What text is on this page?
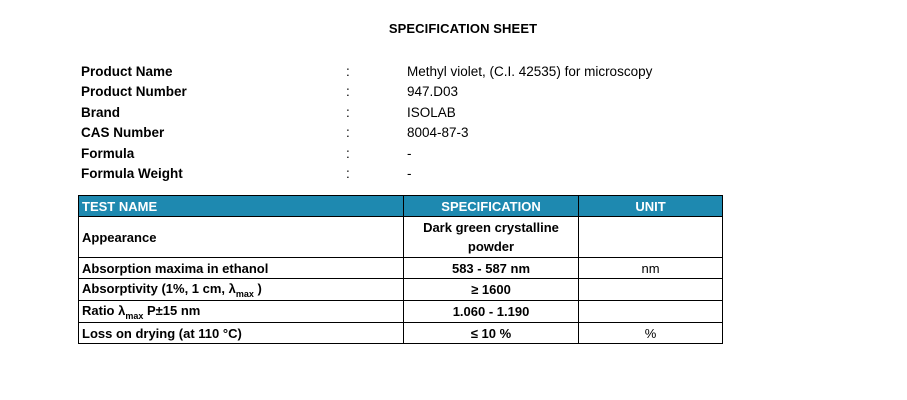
SPECIFICATION SHEET
Product Name	:	Methyl violet, (C.I. 42535) for microscopy
Product Number	:	947.D03
Brand	:	ISOLAB
CAS Number	:	8004-87-3
Formula	:	-
Formula Weight	:	-
TEST NAME	SPECIFICATION	UNIT
Appearance	Dark green crystalline
powder	
Absorption maxima in ethanol	583 - 587 nm	nm
Absorptivity (1%, 1 cm, $\lambda_{max}$ )	≥ 1600	
Ratio $\lambda_{max}$ P±15 nm	1.060 - 1.190	
Loss on drying (at 110 °C)	≤ 10 %	%
